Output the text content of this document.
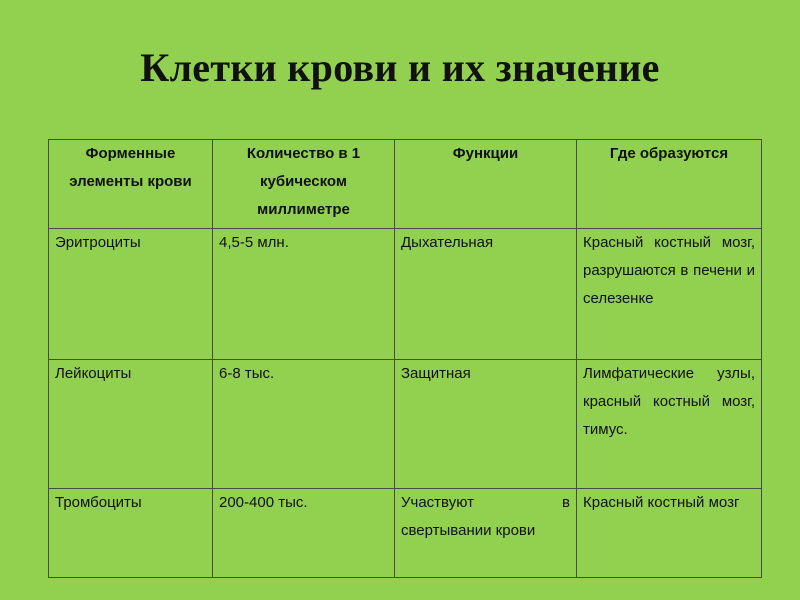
Клетки крови и их значение
Форменные элементы крови	Количество в 1 кубическом миллиметре	Функции	Где образуются
Эритроциты	4,5-5 млн.	Дыхательная	Красный костный мозг, разрушаются в печени и селезенке
Лейкоциты	6-8 тыс.	Защитная	Лимфатические узлы, красный костный мозг, тимус.
Тромбоциты	200-400 тыс.	Участвуют в свертывании крови	Красный костный мозг
